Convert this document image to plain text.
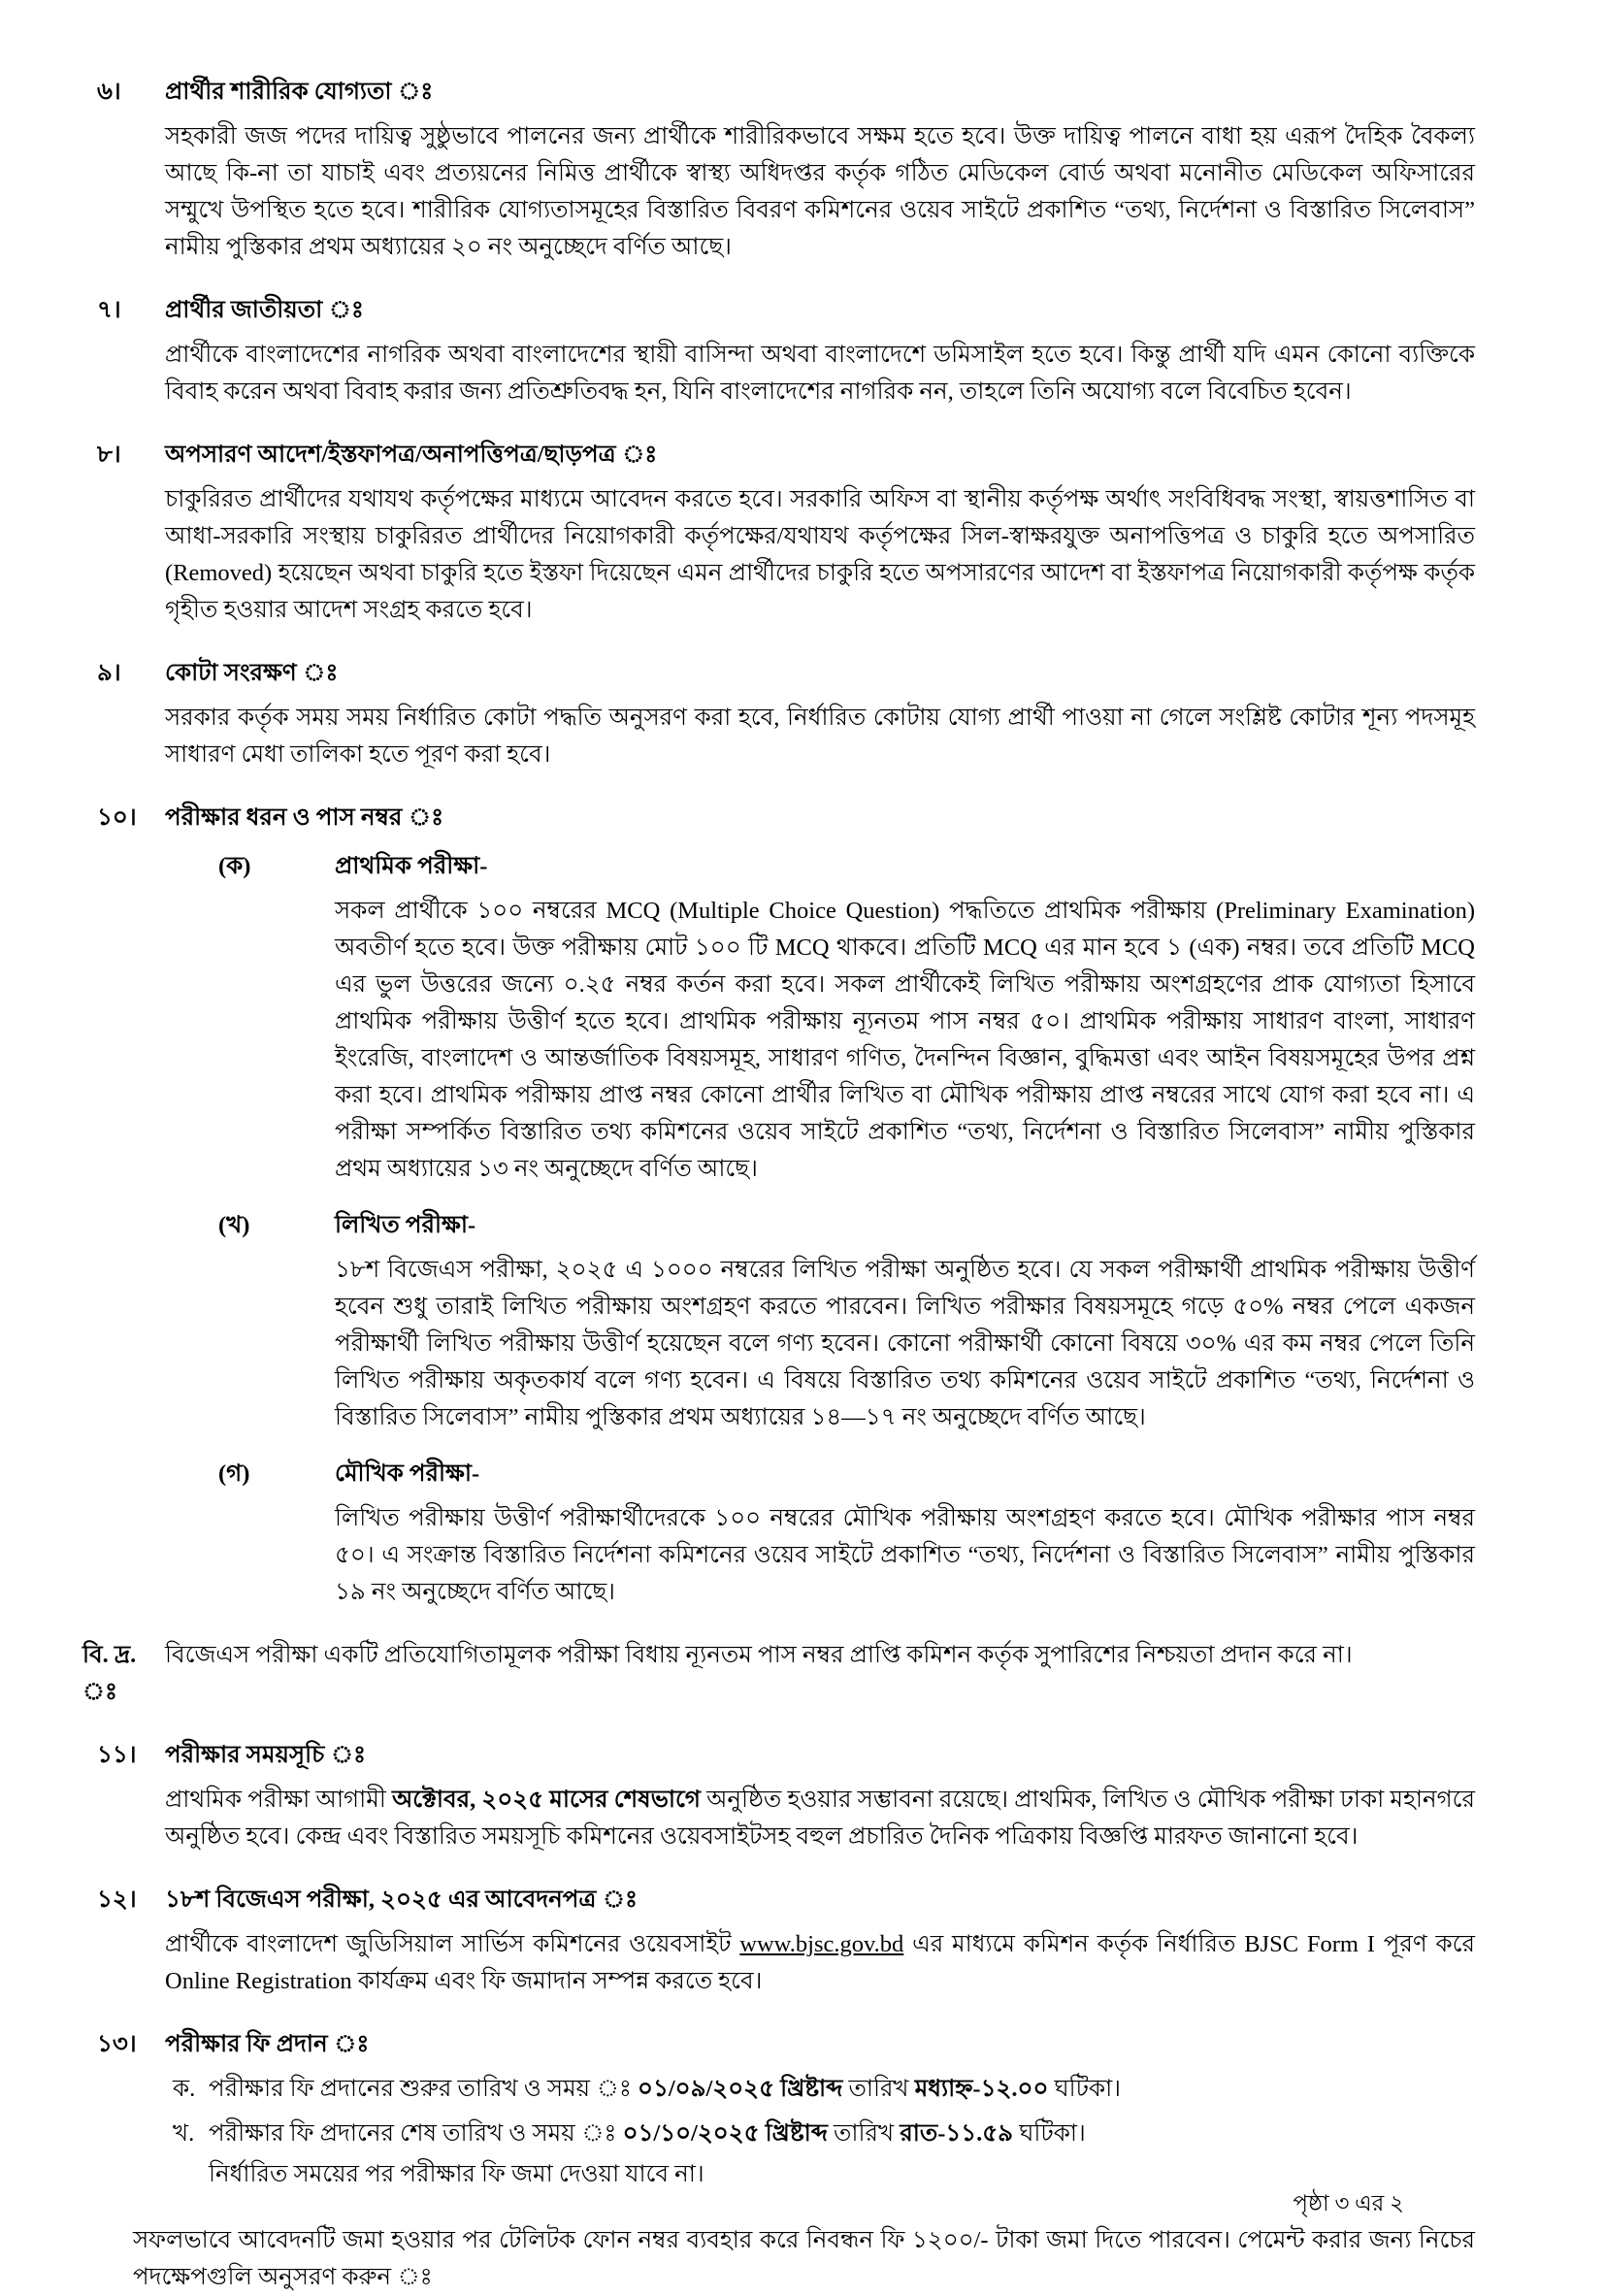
৬।	প্রার্থীর শারীরিক যোগ্যতা ঃ
সহকারী জজ পদের দায়িত্ব সুষ্ঠুভাবে পালনের জন্য প্রার্থীকে শারীরিকভাবে সক্ষম হতে হবে। উক্ত দায়িত্ব পালনে বাধা হয় এরূপ দৈহিক বৈকল্য আছে কি-না তা যাচাই এবং প্রত্যয়নের নিমিত্ত প্রার্থীকে স্বাস্থ্য অধিদপ্তর কর্তৃক গঠিত মেডিকেল বোর্ড অথবা মনোনীত মেডিকেল অফিসারের সম্মুখে উপস্থিত হতে হবে। শারীরিক যোগ্যতাসমূহের বিস্তারিত বিবরণ কমিশনের ওয়েব সাইটে প্রকাশিত “তথ্য, নির্দেশনা ও বিস্তারিত সিলেবাস” নামীয় পুস্তিকার প্রথম অধ্যায়ের ২০ নং অনুচ্ছেদে বর্ণিত আছে।
৭।	প্রার্থীর জাতীয়তা ঃ
প্রার্থীকে বাংলাদেশের নাগরিক অথবা বাংলাদেশের স্থায়ী বাসিন্দা অথবা বাংলাদেশে ডমিসাইল হতে হবে। কিন্তু প্রার্থী যদি এমন কোনো ব্যক্তিকে বিবাহ করেন অথবা বিবাহ করার জন্য প্রতিশ্রুতিবদ্ধ হন, যিনি বাংলাদেশের নাগরিক নন, তাহলে তিনি অযোগ্য বলে বিবেচিত হবেন।
৮।	অপসারণ আদেশ/ইস্তফাপত্র/অনাপত্তিপত্র/ছাড়পত্র ঃ
চাকুরিরত প্রার্থীদের যথাযথ কর্তৃপক্ষের মাধ্যমে আবেদন করতে হবে। সরকারি অফিস বা স্থানীয় কর্তৃপক্ষ অর্থাৎ সংবিধিবদ্ধ সংস্থা, স্বায়ত্তশাসিত বা আধা-সরকারি সংস্থায় চাকুরিরত প্রার্থীদের নিয়োগকারী কর্তৃপক্ষের/যথাযথ কর্তৃপক্ষের সিল-স্বাক্ষরযুক্ত অনাপত্তিপত্র ও চাকুরি হতে অপসারিত (Removed) হয়েছেন অথবা চাকুরি হতে ইস্তফা দিয়েছেন এমন প্রার্থীদের চাকুরি হতে অপসারণের আদেশ বা ইস্তফাপত্র নিয়োগকারী কর্তৃপক্ষ কর্তৃক গৃহীত হওয়ার আদেশ সংগ্রহ করতে হবে।
৯।	কোটা সংরক্ষণ ঃ
সরকার কর্তৃক সময় সময় নির্ধারিত কোটা পদ্ধতি অনুসরণ করা হবে, নির্ধারিত কোটায় যোগ্য প্রার্থী পাওয়া না গেলে সংশ্লিষ্ট কোটার শূন্য পদসমূহ সাধারণ মেধা তালিকা হতে পূরণ করা হবে।
১০।	পরীক্ষার ধরন ও পাস নম্বর ঃ
(ক)	প্রাথমিক পরীক্ষা-
সকল প্রার্থীকে ১০০ নম্বরের MCQ (Multiple Choice Question) পদ্ধতিতে প্রাথমিক পরীক্ষায় (Preliminary Examination) অবতীর্ণ হতে হবে। উক্ত পরীক্ষায় মোট ১০০ টি MCQ থাকবে। প্রতিটি MCQ এর মান হবে ১ (এক) নম্বর। তবে প্রতিটি MCQ এর ভুল উত্তরের জন্যে ০.২৫ নম্বর কর্তন করা হবে। সকল প্রার্থীকেই লিখিত পরীক্ষায় অংশগ্রহণের প্রাক যোগ্যতা হিসাবে প্রাথমিক পরীক্ষায় উত্তীর্ণ হতে হবে। প্রাথমিক পরীক্ষায় ন্যূনতম পাস নম্বর ৫০। প্রাথমিক পরীক্ষায় সাধারণ বাংলা, সাধারণ ইংরেজি, বাংলাদেশ ও আন্তর্জাতিক বিষয়সমূহ, সাধারণ গণিত, দৈনন্দিন বিজ্ঞান, বুদ্ধিমত্তা এবং আইন বিষয়সমূহের উপর প্রশ্ন করা হবে। প্রাথমিক পরীক্ষায় প্রাপ্ত নম্বর কোনো প্রার্থীর লিখিত বা মৌখিক পরীক্ষায় প্রাপ্ত নম্বরের সাথে যোগ করা হবে না। এ পরীক্ষা সম্পর্কিত বিস্তারিত তথ্য কমিশনের ওয়েব সাইটে প্রকাশিত “তথ্য, নির্দেশনা ও বিস্তারিত সিলেবাস” নামীয় পুস্তিকার প্রথম অধ্যায়ের ১৩ নং অনুচ্ছেদে বর্ণিত আছে।
(খ)	লিখিত পরীক্ষা-
১৮শ বিজেএস পরীক্ষা, ২০২৫ এ ১০০০ নম্বরের লিখিত পরীক্ষা অনুষ্ঠিত হবে। যে সকল পরীক্ষার্থী প্রাথমিক পরীক্ষায় উত্তীর্ণ হবেন শুধু তারাই লিখিত পরীক্ষায় অংশগ্রহণ করতে পারবেন। লিখিত পরীক্ষার বিষয়সমূহে গড়ে ৫০% নম্বর পেলে একজন পরীক্ষার্থী লিখিত পরীক্ষায় উত্তীর্ণ হয়েছেন বলে গণ্য হবেন। কোনো পরীক্ষার্থী কোনো বিষয়ে ৩০% এর কম নম্বর পেলে তিনি লিখিত পরীক্ষায় অকৃতকার্য বলে গণ্য হবেন। এ বিষয়ে বিস্তারিত তথ্য কমিশনের ওয়েব সাইটে প্রকাশিত “তথ্য, নির্দেশনা ও বিস্তারিত সিলেবাস” নামীয় পুস্তিকার প্রথম অধ্যায়ের ১৪—১৭ নং অনুচ্ছেদে বর্ণিত আছে।
(গ)	মৌখিক পরীক্ষা-
লিখিত পরীক্ষায় উত্তীর্ণ পরীক্ষার্থীদেরকে ১০০ নম্বরের মৌখিক পরীক্ষায় অংশগ্রহণ করতে হবে। মৌখিক পরীক্ষার পাস নম্বর ৫০। এ সংক্রান্ত বিস্তারিত নির্দেশনা কমিশনের ওয়েব সাইটে প্রকাশিত “তথ্য, নির্দেশনা ও বিস্তারিত সিলেবাস” নামীয় পুস্তিকার ১৯ নং অনুচ্ছেদে বর্ণিত আছে।
বি. দ্র. ঃ
বিজেএস পরীক্ষা একটি প্রতিযোগিতামূলক পরীক্ষা বিধায় ন্যূনতম পাস নম্বর প্রাপ্তি কমিশন কর্তৃক সুপারিশের নিশ্চয়তা প্রদান করে না।
১১।	পরীক্ষার সময়সূচি ঃ
প্রাথমিক পরীক্ষা আগামী অক্টোবর, ২০২৫ মাসের শেষভাগে অনুষ্ঠিত হওয়ার সম্ভাবনা রয়েছে। প্রাথমিক, লিখিত ও মৌখিক পরীক্ষা ঢাকা মহানগরে অনুষ্ঠিত হবে। কেন্দ্র এবং বিস্তারিত সময়সূচি কমিশনের ওয়েবসাইটসহ বহুল প্রচারিত দৈনিক পত্রিকায় বিজ্ঞপ্তি মারফত জানানো হবে।
১২।	১৮শ বিজেএস পরীক্ষা, ২০২৫ এর আবেদনপত্র ঃ
প্রার্থীকে বাংলাদেশ জুডিসিয়াল সার্ভিস কমিশনের ওয়েবসাইট www.bjsc.gov.bd এর মাধ্যমে কমিশন কর্তৃক নির্ধারিত BJSC Form I পূরণ করে Online Registration কার্যক্রম এবং ফি জমাদান সম্পন্ন করতে হবে।
১৩।	পরীক্ষার ফি প্রদান ঃ
ক. পরীক্ষার ফি প্রদানের শুরুর তারিখ ও সময় ঃ ০১/০৯/২০২৫ খ্রিষ্টাব্দ তারিখ মধ্যাহ্ন-১২.০০ ঘটিকা।
খ. পরীক্ষার ফি প্রদানের শেষ তারিখ ও সময় ঃ ০১/১০/২০২৫ খ্রিষ্টাব্দ তারিখ রাত-১১.৫৯ ঘটিকা।
নির্ধারিত সময়ের পর পরীক্ষার ফি জমা দেওয়া যাবে না।
সফলভাবে আবেদনটি জমা হওয়ার পর টেলিটক ফোন নম্বর ব্যবহার করে নিবন্ধন ফি ১২০০/- টাকা জমা দিতে পারবেন। পেমেন্ট করার জন্য নিচের পদক্ষেপগুলি অনুসরণ করুন ঃ
পৃষ্ঠা ৩ এর ২
